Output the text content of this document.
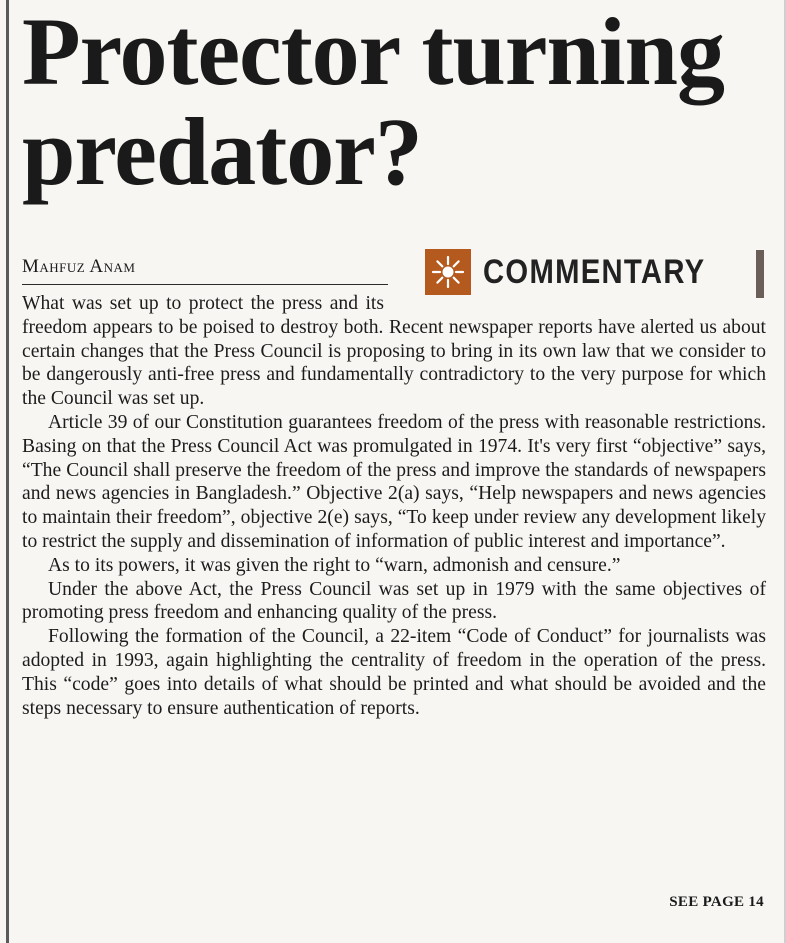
Protector turning predator?
Mahfuz Anam	COMMENTARY

What was set up to protect the press and its freedom appears to be poised to destroy both. Recent newspaper reports have alerted us about certain changes that the Press Council is proposing to bring in its own law that we consider to be dangerously anti-free press and fundamentally contradictory to the very purpose for which the Council was set up.

Article 39 of our Constitution guarantees freedom of the press with reasonable restrictions. Basing on that the Press Council Act was promulgated in 1974. It's very first “objective” says, “The Council shall preserve the freedom of the press and improve the standards of newspapers and news agencies in Bangladesh.” Objective 2(a) says, “Help newspapers and news agencies to maintain their freedom”, objective 2(e) says, “To keep under review any development likely to restrict the supply and dissemination of information of public interest and importance”.

As to its powers, it was given the right to “warn, admonish and censure.”

Under the above Act, the Press Council was set up in 1979 with the same objectives of promoting press freedom and enhancing quality of the press.

Following the formation of the Council, a 22-item “Code of Conduct” for journalists was adopted in 1993, again highlighting the centrality of freedom in the operation of the press. This “code” goes into details of what should be printed and what should be avoided and the steps necessary to ensure authentication of reports.

SEE PAGE 14
